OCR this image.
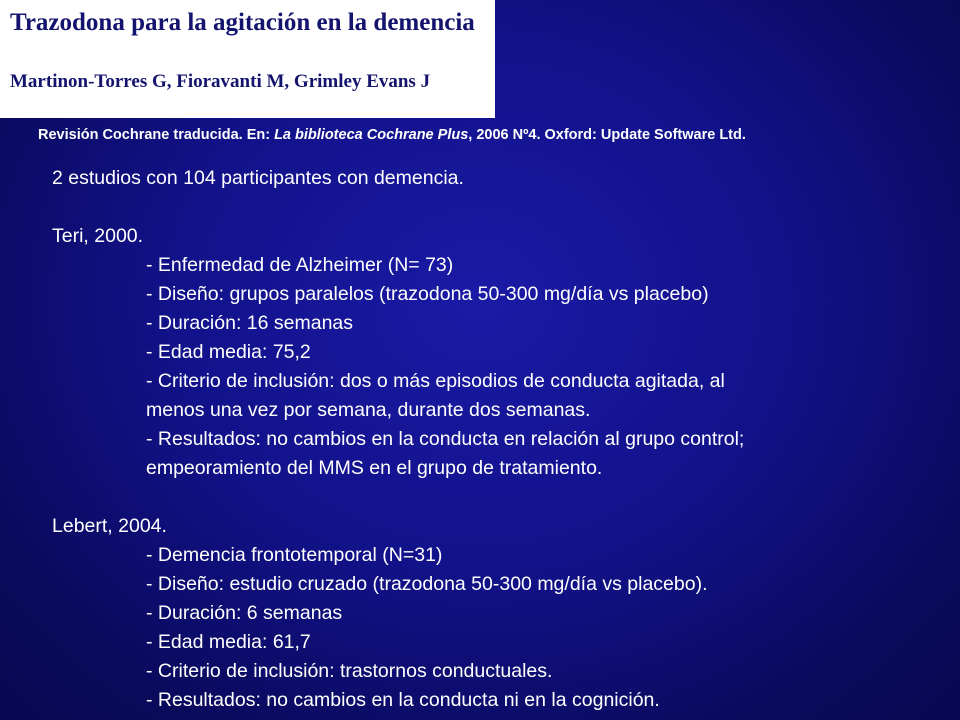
Trazodona para la agitación en la demencia

Martinon-Torres G, Fioravanti M, Grimley Evans J

Revisión Cochrane traducida. En: La biblioteca Cochrane Plus, 2006 Nº4. Oxford: Update Software Ltd.
2 estudios con 104 participantes con demencia.
Teri, 2000.
- Enfermedad de Alzheimer (N= 73)
- Diseño: grupos paralelos (trazodona 50-300 mg/día vs placebo)
- Duración: 16 semanas
- Edad media: 75,2
- Criterio de inclusión: dos o más episodios de conducta agitada, al
menos una vez por semana, durante dos semanas.
- Resultados: no cambios en la conducta en relación al grupo control;
empeoramiento del MMS en el grupo de tratamiento.
Lebert, 2004.
- Demencia frontotemporal (N=31)
- Diseño: estudio cruzado (trazodona 50-300 mg/día vs placebo).
- Duración: 6 semanas
- Edad media: 61,7
- Criterio de inclusión: trastornos conductuales.
- Resultados: no cambios en la conducta ni en la cognición.
